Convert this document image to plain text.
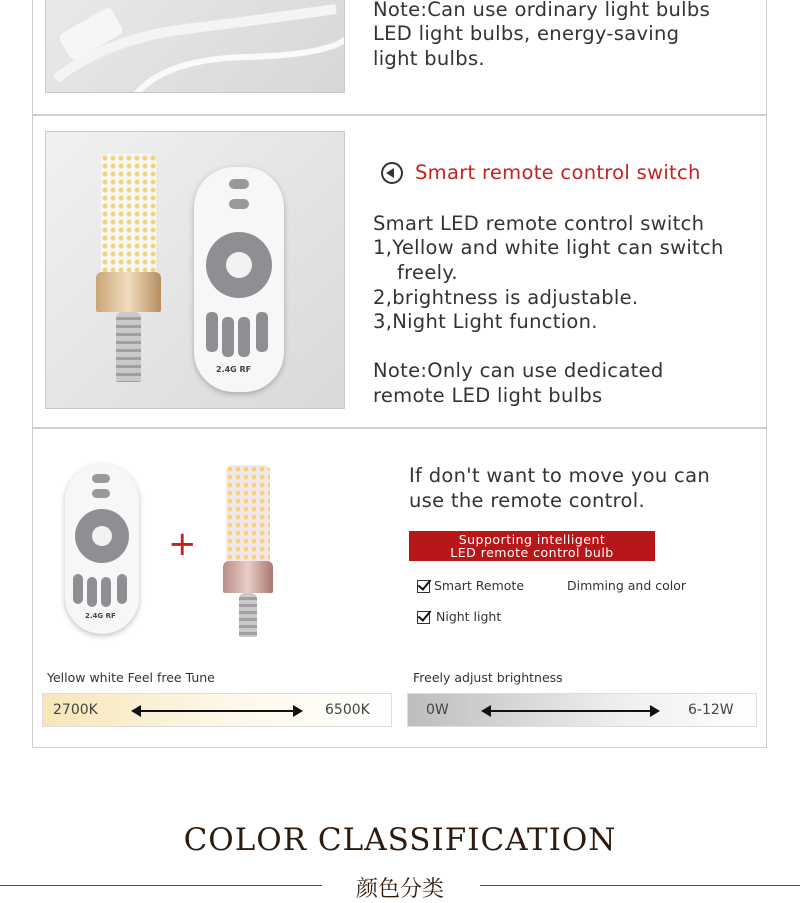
Note:Can use ordinary light bulbs
LED light bulbs, energy-saving
light bulbs.
2.4G RF
Smart remote control switch
Smart LED remote control switch
1,Yellow and white light can switch
freely.
2,brightness is adjustable.
3,Night Light function.
Note:Only can use dedicated
remote LED light bulbs
2.4G RF
+
If don't want to move you can
use the remote control.
Supporting intelligent
LED remote control bulb
Smart Remote	Dimming and color
Night light
Yellow white Feel free Tune
2700K	6500K
Freely adjust brightness
0W	6-12W
COLOR CLASSIFICATION
颜色分类
